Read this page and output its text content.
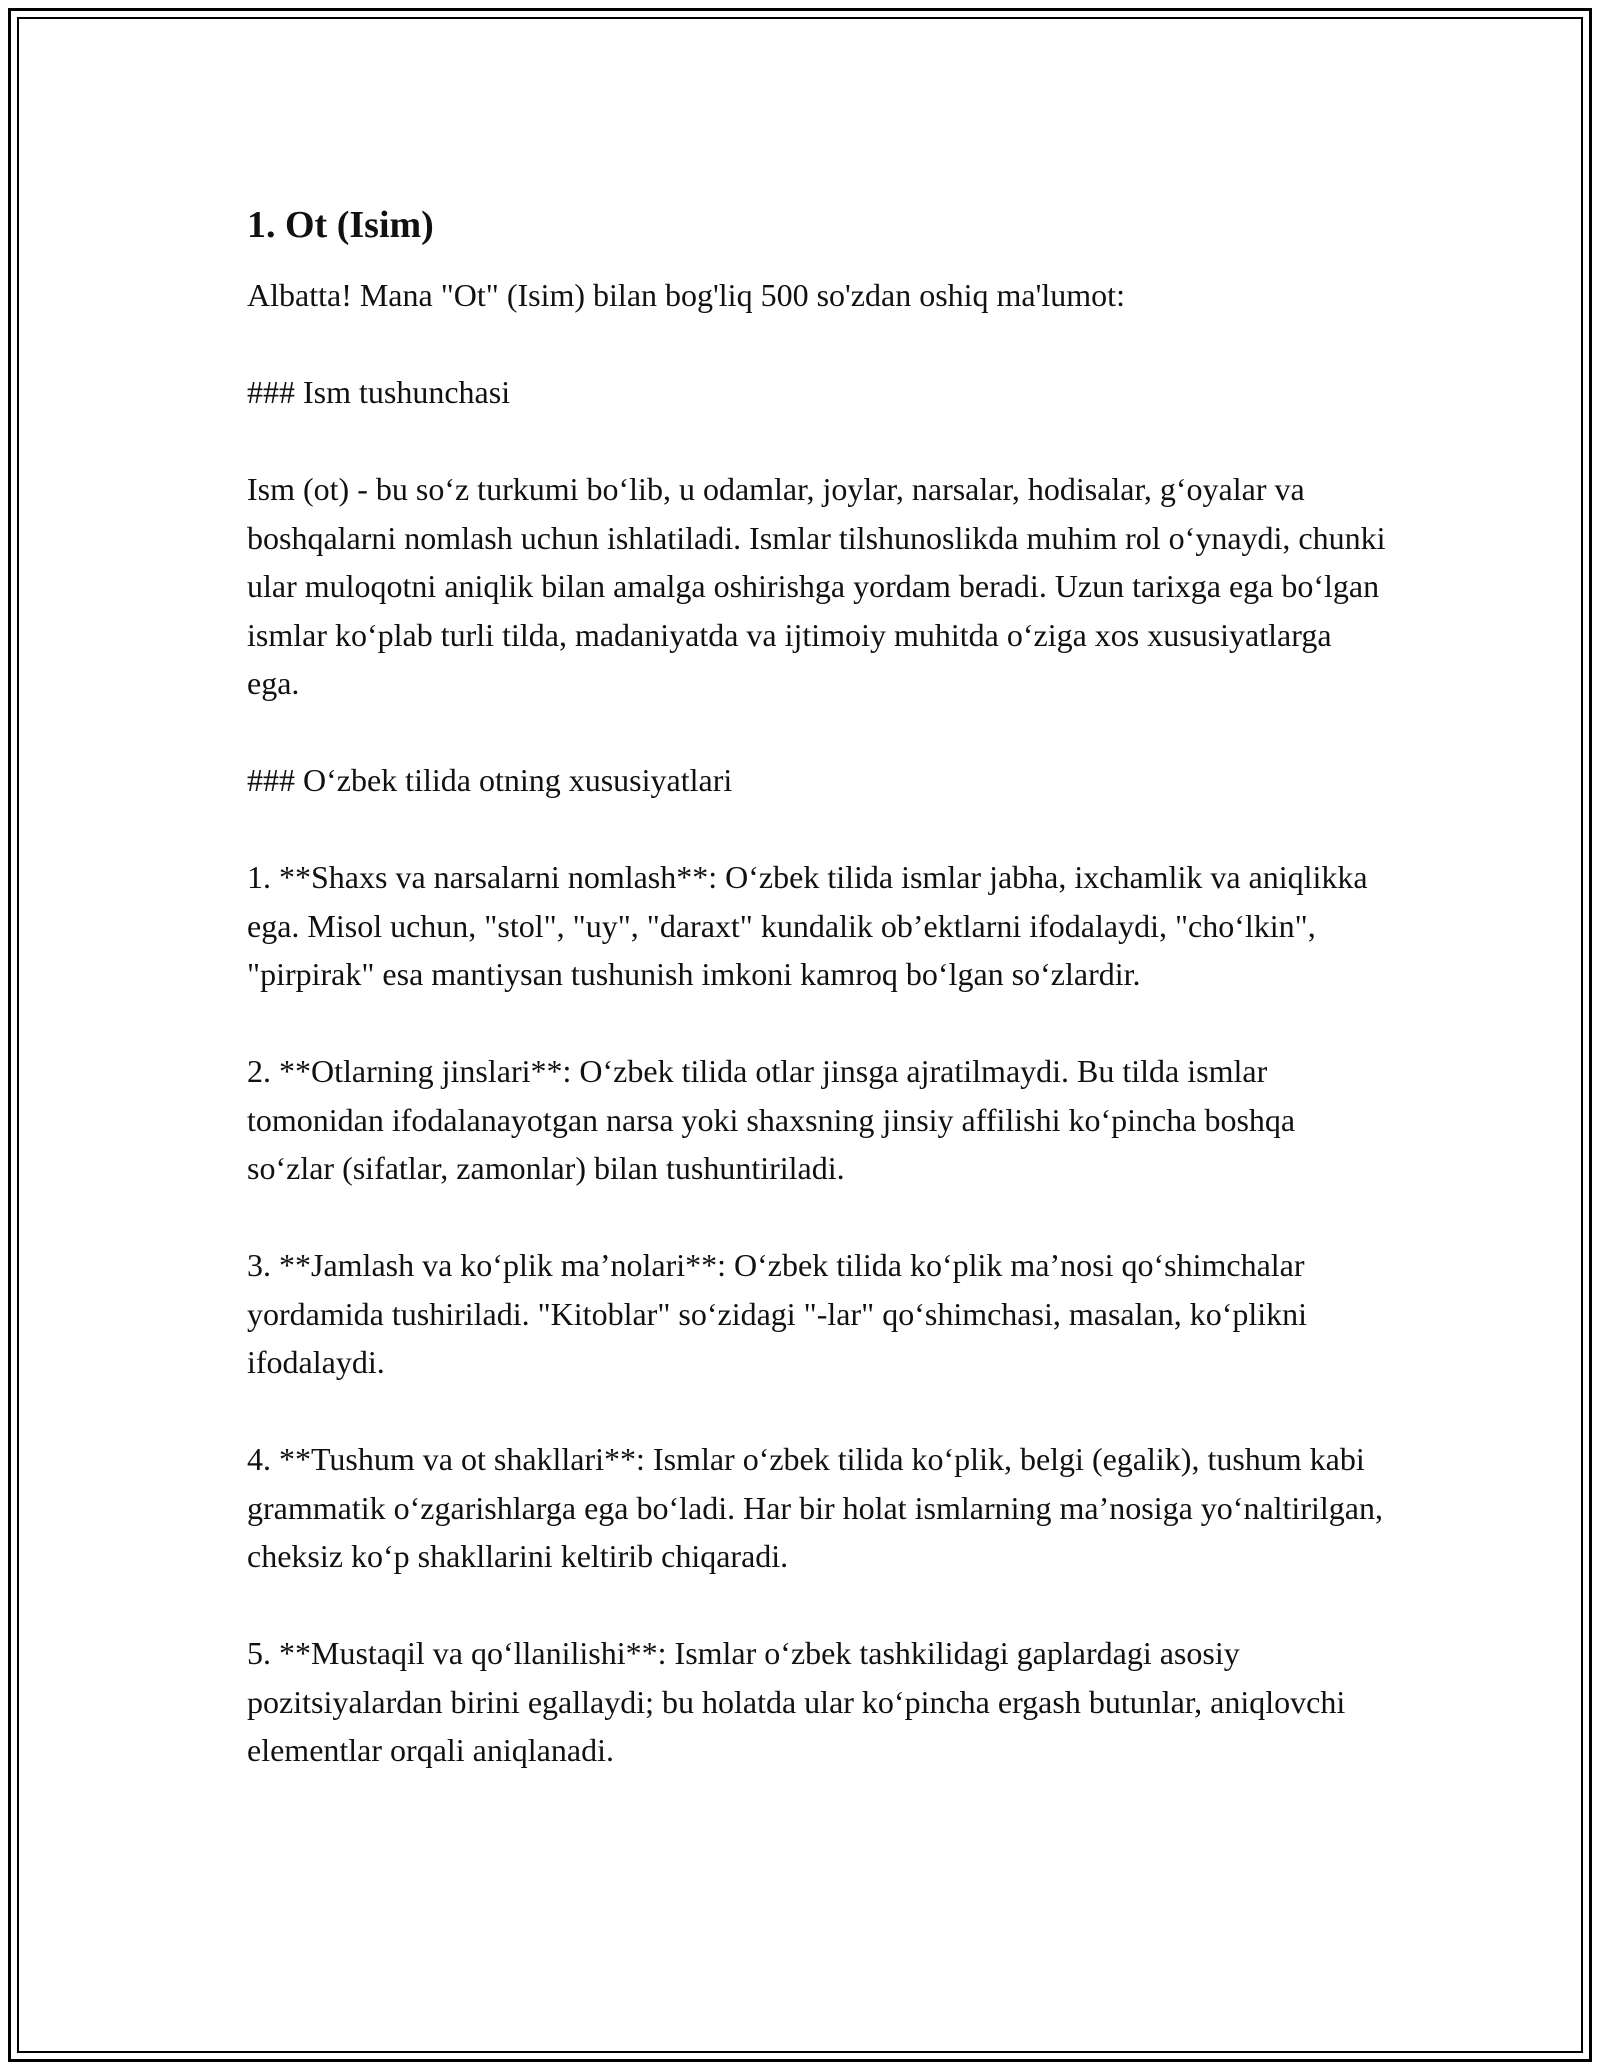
1. Ot (Isim)

Albatta! Mana "Ot" (Isim) bilan bog'liq 500 so'zdan oshiq ma'lumot:

### Ism tushunchasi

Ism (ot) - bu so‘z turkumi bo‘lib, u odamlar, joylar, narsalar, hodisalar, g‘oyalar va boshqalarni nomlash uchun ishlatiladi. Ismlar tilshunoslikda muhim rol o‘ynaydi, chunki ular muloqotni aniqlik bilan amalga oshirishga yordam beradi. Uzun tarixga ega bo‘lgan ismlar ko‘plab turli tilda, madaniyatda va ijtimoiy muhitda o‘ziga xos xususiyatlarga ega.

### O‘zbek tilida otning xususiyatlari

1. **Shaxs va narsalarni nomlash**: O‘zbek tilida ismlar jabha, ixchamlik va aniqlikka ega. Misol uchun, "stol", "uy", "daraxt" kundalik ob’ektlarni ifodalaydi, "cho‘lkin", "pirpirak" esa mantiysan tushunish imkoni kamroq bo‘lgan so‘zlardir.

2. **Otlarning jinslari**: O‘zbek tilida otlar jinsga ajratilmaydi. Bu tilda ismlar tomonidan ifodalanayotgan narsa yoki shaxsning jinsiy affilishi ko‘pincha boshqa so‘zlar (sifatlar, zamonlar) bilan tushuntiriladi.

3. **Jamlash va ko‘plik ma’nolari**: O‘zbek tilida ko‘plik ma’nosi qo‘shimchalar yordamida tushiriladi. "Kitoblar" so‘zidagi "-lar" qo‘shimchasi, masalan, ko‘plikni ifodalaydi.

4. **Tushum va ot shakllari**: Ismlar o‘zbek tilida ko‘plik, belgi (egalik), tushum kabi grammatik o‘zgarishlarga ega bo‘ladi. Har bir holat ismlarning ma’nosiga yo‘naltirilgan, cheksiz ko‘p shakllarini keltirib chiqaradi.

5. **Mustaqil va qo‘llanilishi**: Ismlar o‘zbek tashkilidagi gaplardagi asosiy pozitsiyalardan birini egallaydi; bu holatda ular ko‘pincha ergash butunlar, aniqlovchi elementlar orqali aniqlanadi.
